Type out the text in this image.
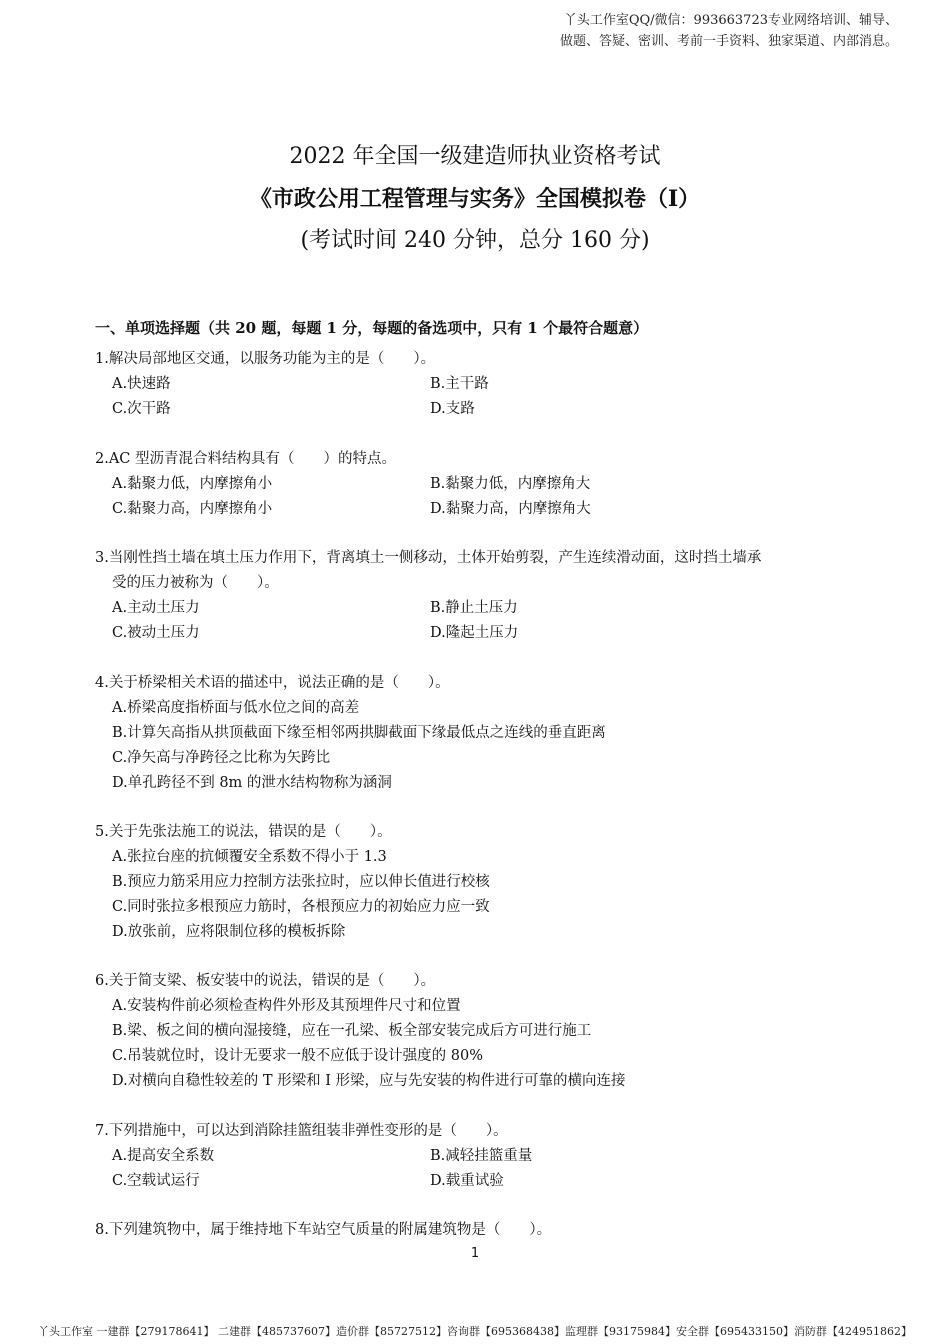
丫头工作室QQ/微信：993663723专业网络培训、辅导、
做题、答疑、密训、考前一手资料、独家渠道、内部消息。
2022 年全国一级建造师执业资格考试
《市政公用工程管理与实务》全国模拟卷（Ⅰ）
(考试时间 240 分钟，总分 160 分)
一、单项选择题（共 20 题，每题 1 分，每题的备选项中，只有 1 个最符合题意）
1.解决局部地区交通，以服务功能为主的是（　　）。
A.快速路	B.主干路
C.次干路	D.支路
2.AC 型沥青混合料结构具有（　　）的特点。
A.黏聚力低，内摩擦角小	B.黏聚力低，内摩擦角大
C.黏聚力高，内摩擦角小	D.黏聚力高，内摩擦角大
3.当刚性挡土墙在填土压力作用下，背离填土一侧移动，土体开始剪裂，产生连续滑动面，这时挡土墙承
受的压力被称为（　　）。
A.主动土压力	B.静止土压力
C.被动土压力	D.隆起土压力
4.关于桥梁相关术语的描述中，说法正确的是（　　）。
A.桥梁高度指桥面与低水位之间的高差
B.计算矢高指从拱顶截面下缘至相邻两拱脚截面下缘最低点之连线的垂直距离
C.净矢高与净跨径之比称为矢跨比
D.单孔跨径不到 8m 的泄水结构物称为涵洞
5.关于先张法施工的说法，错误的是（　　）。
A.张拉台座的抗倾覆安全系数不得小于 1.3
B.预应力筋采用应力控制方法张拉时，应以伸长值进行校核
C.同时张拉多根预应力筋时，各根预应力的初始应力应一致
D.放张前，应将限制位移的模板拆除
6.关于简支梁、板安装中的说法，错误的是（　　）。
A.安装构件前必须检查构件外形及其预埋件尺寸和位置
B.梁、板之间的横向湿接缝，应在一孔梁、板全部安装完成后方可进行施工
C.吊装就位时，设计无要求一般不应低于设计强度的 80%
D.对横向自稳性较差的 T 形梁和 I 形梁，应与先安装的构件进行可靠的横向连接
7.下列措施中，可以达到消除挂篮组装非弹性变形的是（　　）。
A.提高安全系数	B.减轻挂篮重量
C.空载试运行	D.载重试验
8.下列建筑物中，属于维持地下车站空气质量的附属建筑物是（　　）。
1
丫头工作室 一建群【279178641】 二建群【485737607】造价群【85727512】咨询群【695368438】监理群【93175984】安全群【695433150】消防群【424951862】
